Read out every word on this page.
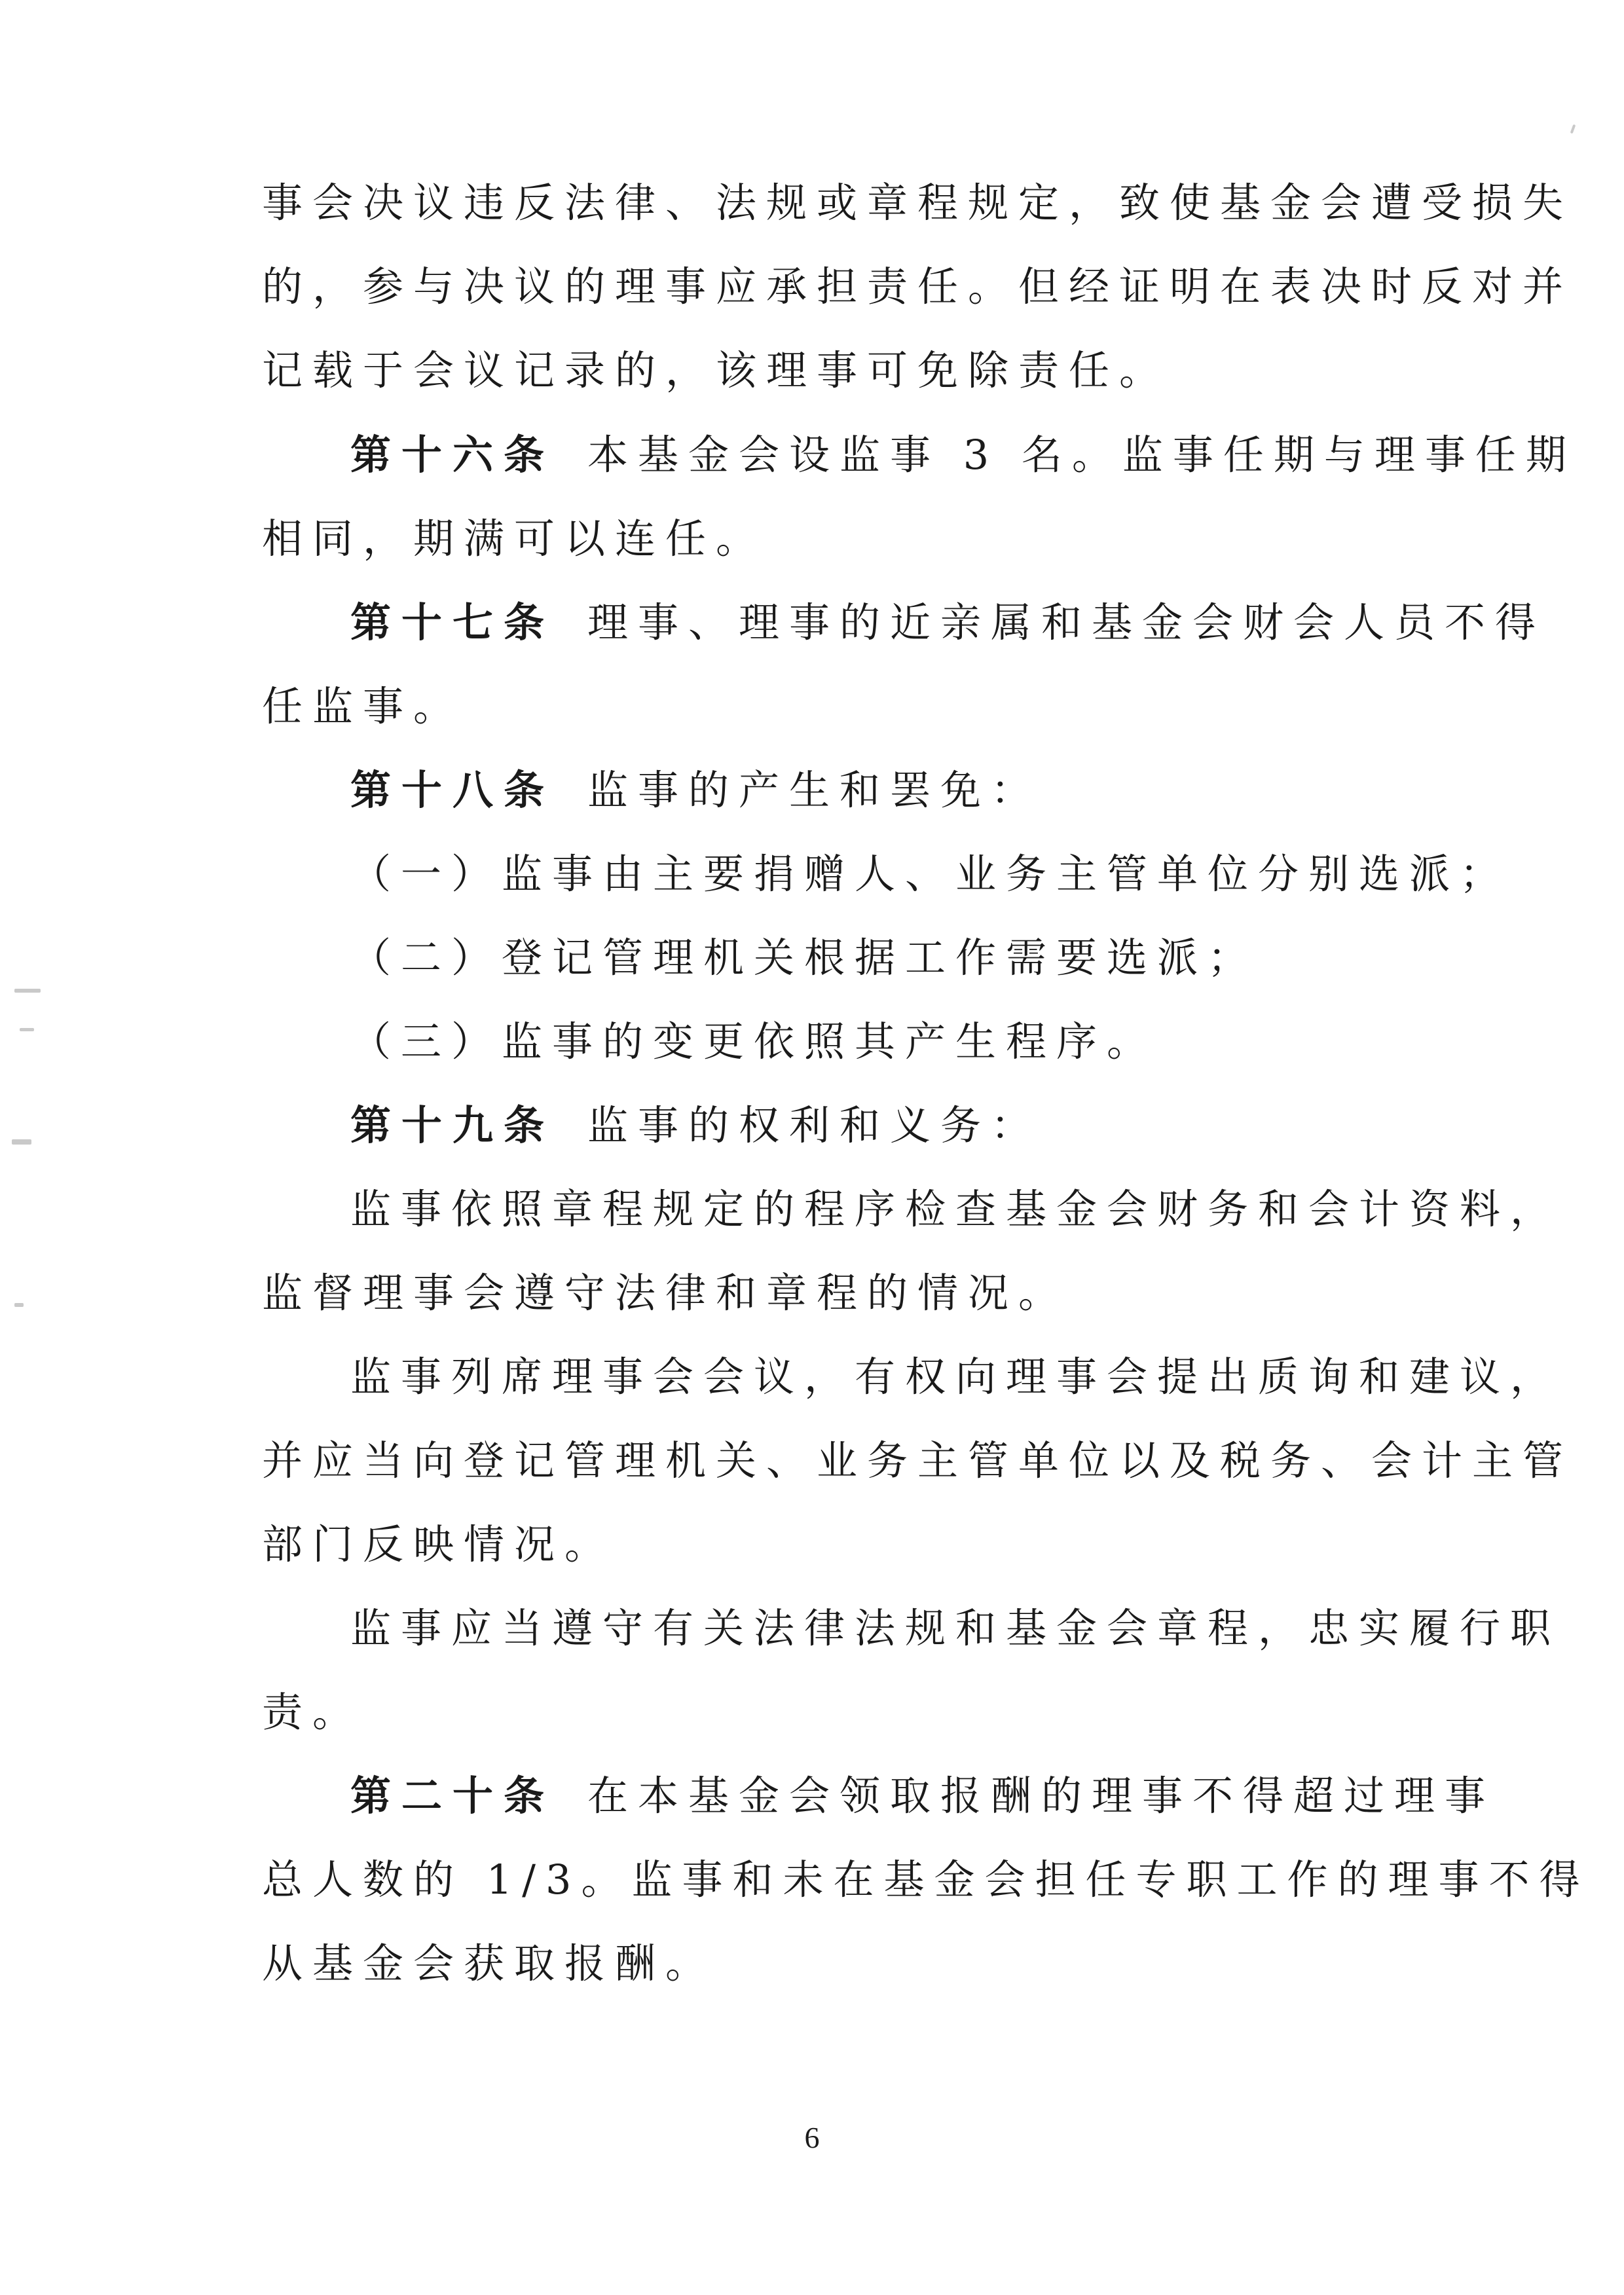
事会决议违反法律、法规或章程规定，致使基金会遭受损失
的，参与决议的理事应承担责任。但经证明在表决时反对并
记载于会议记录的，该理事可免除责任。
第十六条 本基金会设监事 3 名。监事任期与理事任期
相同，期满可以连任。
第十七条 理事、理事的近亲属和基金会财会人员不得
任监事。
第十八条 监事的产生和罢免：
（一）监事由主要捐赠人、业务主管单位分别选派；
（二）登记管理机关根据工作需要选派；
（三）监事的变更依照其产生程序。
第十九条 监事的权利和义务：
监事依照章程规定的程序检查基金会财务和会计资料，
监督理事会遵守法律和章程的情况。
监事列席理事会会议，有权向理事会提出质询和建议，
并应当向登记管理机关、业务主管单位以及税务、会计主管
部门反映情况。
监事应当遵守有关法律法规和基金会章程，忠实履行职
责。
第二十条 在本基金会领取报酬的理事不得超过理事
总人数的 1/3。监事和未在基金会担任专职工作的理事不得
从基金会获取报酬。
6
